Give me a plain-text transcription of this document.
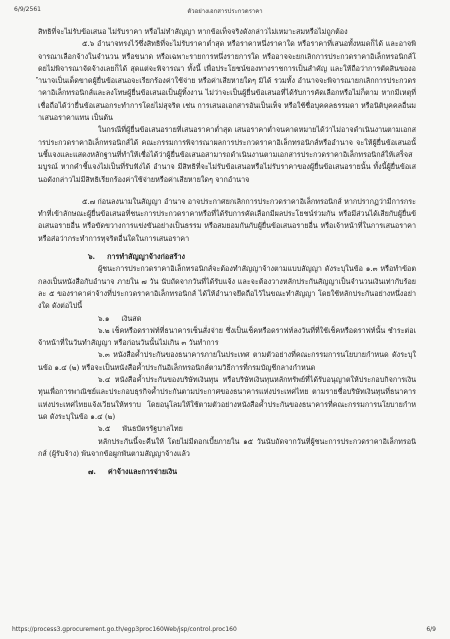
6/9/2561	ตัวอย่างเอกสารประกวดราคา

สิทธิที่จะไม่รับข้อเสนอ ไม่รับราคา หรือไม่ทำสัญญา หากข้อเท็จจริงดังกล่าวไม่เหมาะสมหรือไม่ถูกต้อง

๕.๖ อำนาจทรงไว้ซึ่งสิทธิที่จะไม่รับราคาต่ำสุด หรือราคาหนึ่งราคาใด หรือราคาที่เสนอทั้งหมดก็ได้ และอาจพิจารณาเลือกจ้างในจำนวน หรือขนาด หรือเฉพาะรายการหนึ่งรายการใด หรืออาจจะยกเลิกการประกวดราคาอิเล็กทรอนิกส์โดยไม่พิจารณาจัดจ้างเลยก็ได้ สุดแต่จะพิจารณา ทั้งนี้ เพื่อประโยชน์ของทางราชการเป็นสำคัญ และให้ถือว่าการตัดสินของอำนาจเป็นเด็ดขาดผู้ยื่นข้อเสนอจะเรียกร้องค่าใช้จ่าย หรือค่าเสียหายใดๆ มิได้ รวมทั้ง อำนาจจะพิจารณายกเลิกการประกวดราคาอิเล็กทรอนิกส์และลงโทษผู้ยื่นข้อเสนอเป็นผู้ทิ้งงาน ไม่ว่าจะเป็นผู้ยื่นข้อเสนอที่ได้รับการคัดเลือกหรือไม่ก็ตาม หากมีเหตุที่เชื่อถือได้ว่ายื่นข้อเสนอกระทำการโดยไม่สุจริต เช่น การเสนอเอกสารอันเป็นเท็จ หรือใช้ชื่อบุคคลธรรมดา หรือนิติบุคคลอื่นมาเสนอราคาแทน เป็นต้น

ในกรณีที่ผู้ยื่นข้อเสนอรายที่เสนอราคาต่ำสุด เสนอราคาต่ำจนคาดหมายได้ว่าไม่อาจดำเนินงานตามเอกสารประกวดราคาอิเล็กทรอนิกส์ได้ คณะกรรมการพิจารณาผลการประกวดราคาอิเล็กทรอนิกส์หรืออำนาจ จะให้ผู้ยื่นข้อเสนอนั้นชี้แจงและแสดงหลักฐานที่ทำให้เชื่อได้ว่าผู้ยื่นข้อเสนอสามารถดำเนินงานตามเอกสารประกวดราคาอิเล็กทรอนิกส์ให้เสร็จสมบูรณ์ หากคำชี้แจงไม่เป็นที่รับฟังได้ อำนาจ มีสิทธิที่จะไม่รับข้อเสนอหรือไม่รับราคาของผู้ยื่นข้อเสนอรายนั้น ทั้งนี้ผู้ยื่นข้อเสนอดังกล่าวไม่มีสิทธิเรียกร้องค่าใช้จ่ายหรือค่าเสียหายใดๆ จากอำนาจ

๕.๗ ก่อนลงนามในสัญญา อำนาจ อาจประกาศยกเลิกการประกวดราคาอิเล็กทรอนิกส์ หากปรากฏว่ามีการกระทำที่เข้าลักษณะผู้ยื่นข้อเสนอที่ชนะการประกวดราคาหรือที่ได้รับการคัดเลือกมีผลประโยชน์ร่วมกัน หรือมีส่วนได้เสียกับผู้ยื่นข้อเสนอรายอื่น หรือขัดขวางการแข่งขันอย่างเป็นธรรม หรือสมยอมกันกับผู้ยื่นข้อเสนอรายอื่น หรือเจ้าหน้าที่ในการเสนอราคา หรือส่อว่ากระทำการทุจริตอื่นใดในการเสนอราคา

๖. การทำสัญญาจ้างก่อสร้าง

ผู้ชนะการประกวดราคาอิเล็กทรอนิกส์จะต้องทำสัญญาจ้างตามแบบสัญญา ดังระบุในข้อ ๑.๓ หรือทำข้อตกลงเป็นหนังสือกับอำนาจ ภายใน ๗ วัน นับถัดจากวันที่ได้รับแจ้ง และจะต้องวางหลักประกันสัญญาเป็นจำนวนเงินเท่ากับร้อยละ ๕ ของราคาค่าจ้างที่ประกวดราคาอิเล็กทรอนิกส์ ได้ให้อำนาจยึดถือไว้ในขณะทำสัญญา โดยใช้หลักประกันอย่างหนึ่งอย่างใด ดังต่อไปนี้

๖.๑ เงินสด

๖.๒ เช็คหรือดราฟท์ที่ธนาคารเซ็นสั่งจ่าย ซึ่งเป็นเช็คหรือดราฟท์ลงวันที่ที่ใช้เช็คหรือดราฟท์นั้น ชำระต่อเจ้าหน้าที่ในวันทำสัญญา หรือก่อนวันนั้นไม่เกิน ๓ วันทำการ

๖.๓ หนังสือค้ำประกันของธนาคารภายในประเทศ ตามตัวอย่างที่คณะกรรมการนโยบายกำหนด ดังระบุในข้อ ๑.๔ (๒) หรือจะเป็นหนังสือค้ำประกันอิเล็กทรอนิกส์ตามวิธีการที่กรมบัญชีกลางกำหนด

๖.๔ หนังสือค้ำประกันของบริษัทเงินทุน หรือบริษัทเงินทุนหลักทรัพย์ที่ได้รับอนุญาตให้ประกอบกิจการเงินทุนเพื่อการพาณิชย์และประกอบธุรกิจค้ำประกันตามประกาศของธนาคารแห่งประเทศไทย ตามรายชื่อบริษัทเงินทุนที่ธนาคารแห่งประเทศไทยแจ้งเวียนให้ทราบ โดยอนุโลมให้ใช้ตามตัวอย่างหนังสือค้ำประกันของธนาคารที่คณะกรรมการนโยบายกำหนด ดังระบุในข้อ ๑.๔ (๒)

๖.๕ พันธบัตรรัฐบาลไทย

หลักประกันนี้จะคืนให้ โดยไม่มีดอกเบี้ยภายใน ๑๕ วันนับถัดจากวันที่ผู้ชนะการประกวดราคาอิเล็กทรอนิกส์ (ผู้รับจ้าง) พ้นจากข้อผูกพันตามสัญญาจ้างแล้ว

๗. ค่าจ้างและการจ่ายเงิน
https://process3.gprocurement.go.th/egp3proc160Web/jsp/control.proc160	6/9
